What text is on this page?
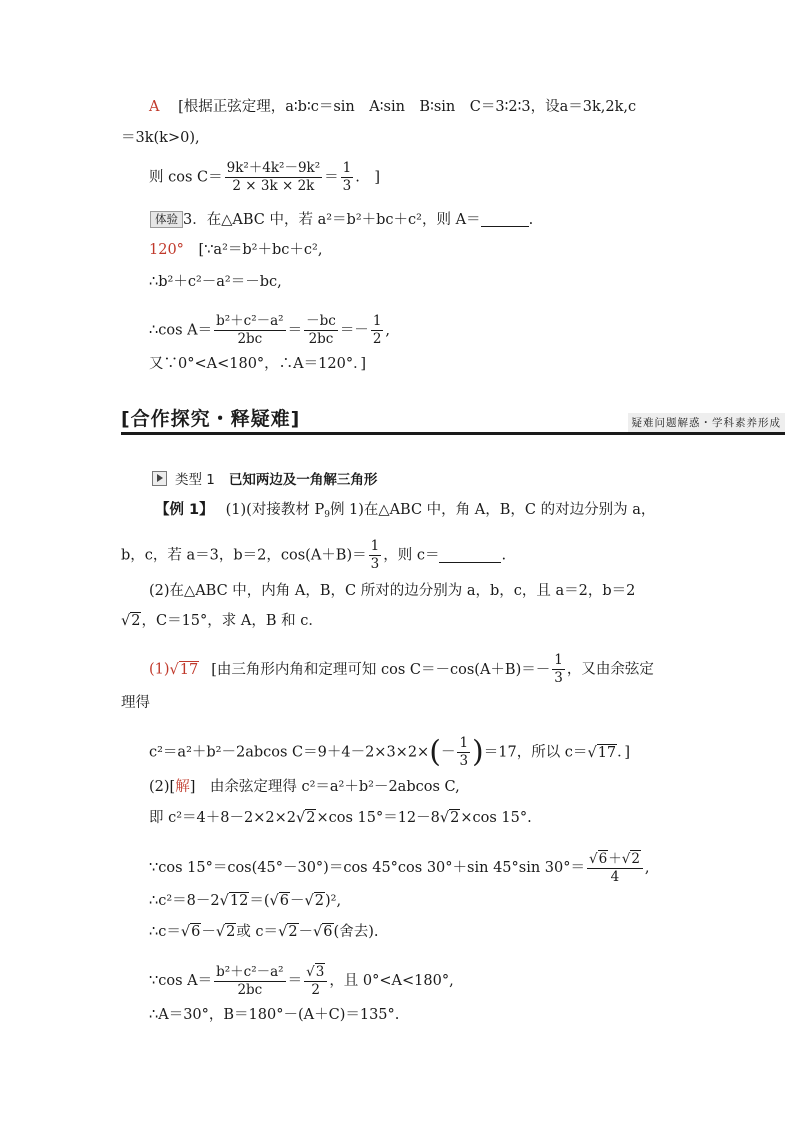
A [根据正弦定理，a∶b∶c＝sin　A∶sin　B∶sin　C＝3∶2∶3，设a＝3k,2k,c
＝3k(k>0),
则 $\cos C= \frac{\text{9k²＋4k²－9k²}}{2 \times 3k \times 2k} = \frac{1}{3}$ .　]
体验 3．在△ABC 中，若 a²＝b²＋bc＋c²，则 A＝	.
120° [∵a²＝b²＋bc＋c²,
∴b²＋c²－a²＝－bc,
∴cos $A= \frac{\text{b²＋c²－a²}}{2bc} = \frac{-bc}{2bc} =- \frac{1}{2}$ ,
又∵0°<A<180°，∴A＝120°．]
[合作探究・释疑难]	疑难问题解惑・学科素养形成
类型 1 已知两边及一角解三角形
【例 1】 (1)(对接教材 $P_9$例 1)在△ABC 中，角 A，B，C 的对边分别为 a，
b，c，若 a＝3，b＝2，$\cos(A+B)= \frac{1}{3}$ ，则 c＝	.
(2)在△ABC 中，内角 A，B，C 所对的边分别为 a，b，c，且 a＝2，b＝2
√ 2，C＝15°，求 A，B 和 c．
(1) √ 17 [由三角形内角和定理可知 $\cos C=-\cos(A+B)=- \frac{1}{3}$ ，又由余弦定
理得
c²＝a²＋b²－2abcos $C=9+4-2\times 3\times 2\times(- \frac{1}{3} )=17$，所以 c＝ √ 17．]
(2)[解]　由余弦定理得 c²＝a²＋b²－2abcos C,
即 c²＝4＋8－2×2×2 √ 2×cos 15°＝12－8 √ 2×cos 15°.
∵cos 15°＝cos(45°－30°)＝cos 45°cos 30°＋sin 45°sin 30°＝ √ $\frac{6+ √ 2}{4}$ ,
∴c²＝8－2 √ 12＝( √ 6－ √ 2)²,
∴c＝ √ 6－ √ 2或 c＝ √ 2－ √ 6(舍去).
∵cos $A= \frac{\text{b²＋c²－a²}}{2bc}$ ＝ √ $\frac{3}{2}$ ，且 0°<A<180°,
∴A＝30°，B＝180°－(A＋C)＝135°.
